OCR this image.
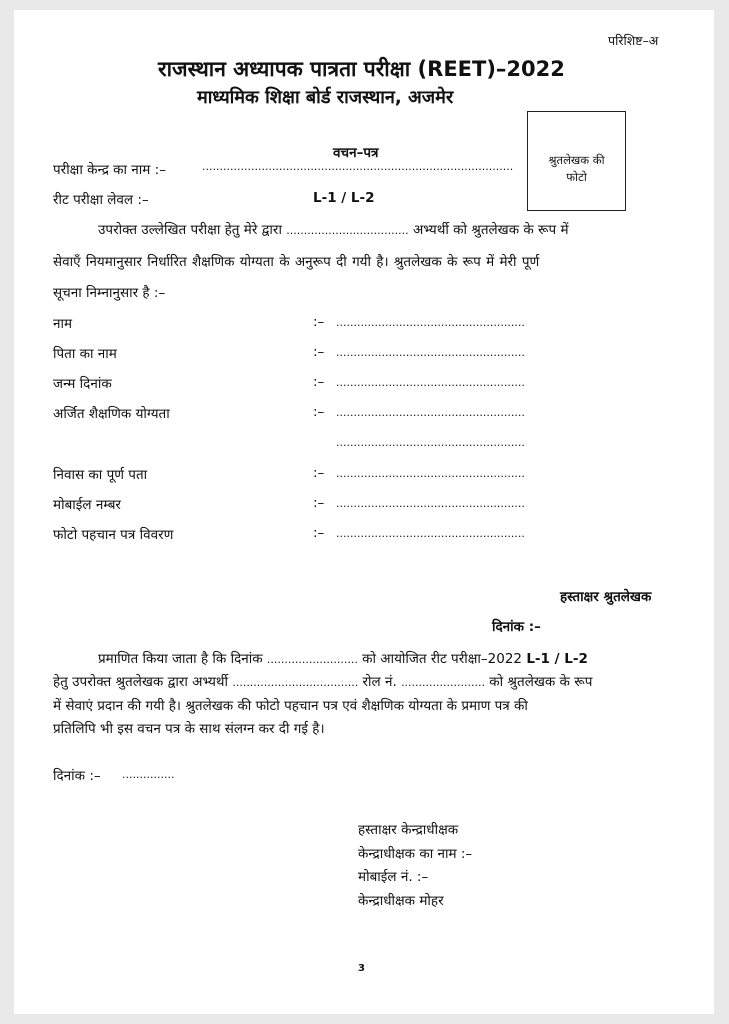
परिशिष्ट–अ
राजस्थान अध्यापक पात्रता परीक्षा (REET)–2022
माध्यमिक शिक्षा बोर्ड राजस्थान, अजमेर
वचन–पत्र	श्रुतलेखक की
फोटो
परीक्षा केन्द्र का नाम :–	.........................................................................................
रीट परीक्षा लेवल :–	L-1 / L-2
उपरोक्त उल्लेखित परीक्षा हेतु मेरे द्वारा ................................... अभ्यर्थी को श्रुतलेखक के रूप में
सेवाएँ नियमानुसार निर्धारित शैक्षणिक योग्यता के अनुरूप दी गयी है। श्रुतलेखक के रूप में मेरी पूर्ण
सूचना निम्नानुसार है :–
नाम	:– ......................................................
पिता का नाम	:– ......................................................
जन्म दिनांक	:– ......................................................
अर्जित शैक्षणिक योग्यता	:– ......................................................
......................................................
निवास का पूर्ण पता	:– ......................................................
मोबाईल नम्बर	:– ......................................................
फोटो पहचान पत्र विवरण	:– ......................................................
हस्ताक्षर श्रुतलेखक
दिनांक :–
प्रमाणित किया जाता है कि दिनांक .......................... को आयोजित रीट परीक्षा–2022 L-1 / L-2
हेतु उपरोक्त श्रुतलेखक द्वारा अभ्यर्थी .................................... रोल नं. ........................ को श्रुतलेखक के रूप
में सेवाएं प्रदान की गयी है। श्रुतलेखक की फोटो पहचान पत्र एवं शैक्षणिक योग्यता के प्रमाण पत्र की
प्रतिलिपि भी इस वचन पत्र के साथ संलग्न कर दी गई है।
दिनांक :– ...............
हस्ताक्षर केन्द्राधीक्षक
केन्द्राधीक्षक का नाम :–
मोबाईल नं. :–
केन्द्राधीक्षक मोहर
3
